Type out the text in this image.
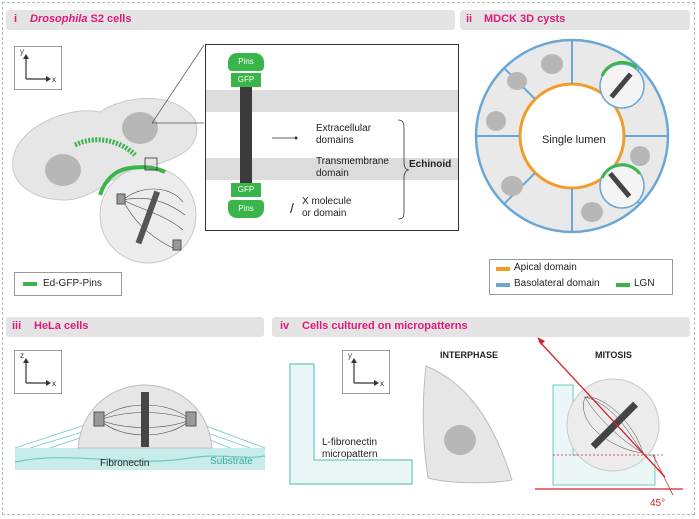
i Drosophila S2 cells
y
x
Pins
GFP
GFP
Pins
Extracellular
domains
Transmembrane
domain
Echinoid
/ X molecule
or domain
Ed-GFP-Pins
ii MDCK 3D cysts
Single lumen
Apical domain
Basolateral domain	LGN
iii HeLa cells
z
x
Fibronectin	Substrate
iv Cells cultured on micropatterns
y
x
L-fibronectin
micropattern
INTERPHASE	MITOSIS
45°
